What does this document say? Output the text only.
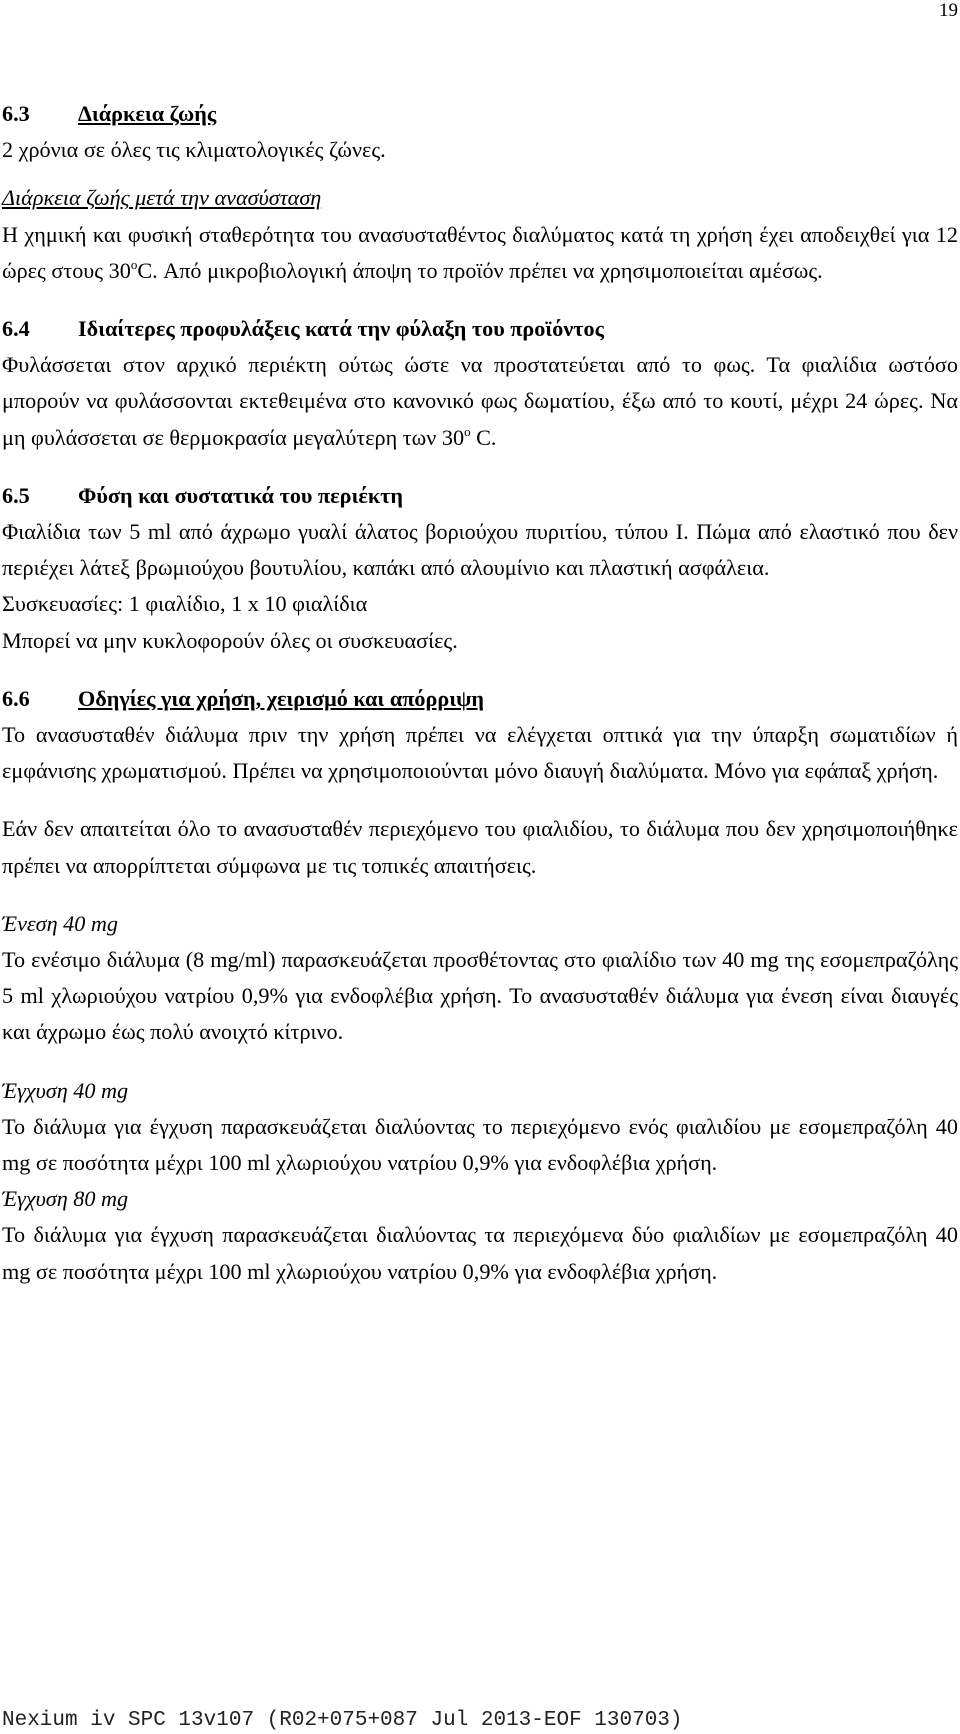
19

6.3 Διάρκεια ζωής

2 χρόνια σε όλες τις κλιματολογικές ζώνες.

Διάρκεια ζωής μετά την ανασύσταση

Η χημική και φυσική σταθερότητα του ανασυσταθέντος διαλύματος κατά τη χρήση έχει αποδειχθεί για 12 ώρες στους $30^oC$. Από μικροβιολογική άποψη το προϊόν πρέπει να χρησιμοποιείται αμέσως.

6.4 Ιδιαίτερες προφυλάξεις κατά την φύλαξη του προϊόντος

Φυλάσσεται στον αρχικό περιέκτη ούτως ώστε να προστατεύεται από το φως. Τα φιαλίδια ωστόσο μπορούν να φυλάσσονται εκτεθειμένα στο κανονικό φως δωματίου, έξω από το κουτί, μέχρι 24 ώρες. Να μη φυλάσσεται σε θερμοκρασία μεγαλύτερη των 30$^o$ C.

6.5 Φύση και συστατικά του περιέκτη

Φιαλίδια των 5 ml από άχρωμο γυαλί άλατος βοριούχου πυριτίου, τύπου I. Πώμα από ελαστικό που δεν περιέχει λάτεξ βρωμιούχου βουτυλίου, καπάκι από αλουμίνιο και πλαστική ασφάλεια.

Συσκευασίες: 1 φιαλίδιο, 1 x 10 φιαλίδια

Μπορεί να μην κυκλοφορούν όλες οι συσκευασίες.

6.6 Οδηγίες για χρήση, χειρισμό και απόρριψη

Το ανασυσταθέν διάλυμα πριν την χρήση πρέπει να ελέγχεται οπτικά για την ύπαρξη σωματιδίων ή εμφάνισης χρωματισμού. Πρέπει να χρησιμοποιούνται μόνο διαυγή διαλύματα. Μόνο για εφάπαξ χρήση.

Εάν δεν απαιτείται όλο το ανασυσταθέν περιεχόμενο του φιαλιδίου, το διάλυμα που δεν χρησιμοποιήθηκε πρέπει να απορρίπτεται σύμφωνα με τις τοπικές απαιτήσεις.

Ένεση 40 mg

Το ενέσιμο διάλυμα (8 mg/ml) παρασκευάζεται προσθέτοντας στο φιαλίδιο των 40 mg της εσομεπραζόλης 5 ml χλωριούχου νατρίου 0,9% για ενδοφλέβια χρήση. Το ανασυσταθέν διάλυμα για ένεση είναι διαυγές και άχρωμο έως πολύ ανοιχτό κίτρινο.

Έγχυση 40 mg

Το διάλυμα για έγχυση παρασκευάζεται διαλύοντας το περιεχόμενο ενός φιαλιδίου με εσομεπραζόλη 40 mg σε ποσότητα μέχρι 100 ml χλωριούχου νατρίου 0,9% για ενδοφλέβια χρήση.

Έγχυση 80 mg

Το διάλυμα για έγχυση παρασκευάζεται διαλύοντας τα περιεχόμενα δύο φιαλιδίων με εσομεπραζόλη 40 mg σε ποσότητα μέχρι 100 ml χλωριούχου νατρίου 0,9% για ενδοφλέβια χρήση.

Nexium iv SPC 13v107 (R02+075+087 Jul 2013-EOF 130703)
